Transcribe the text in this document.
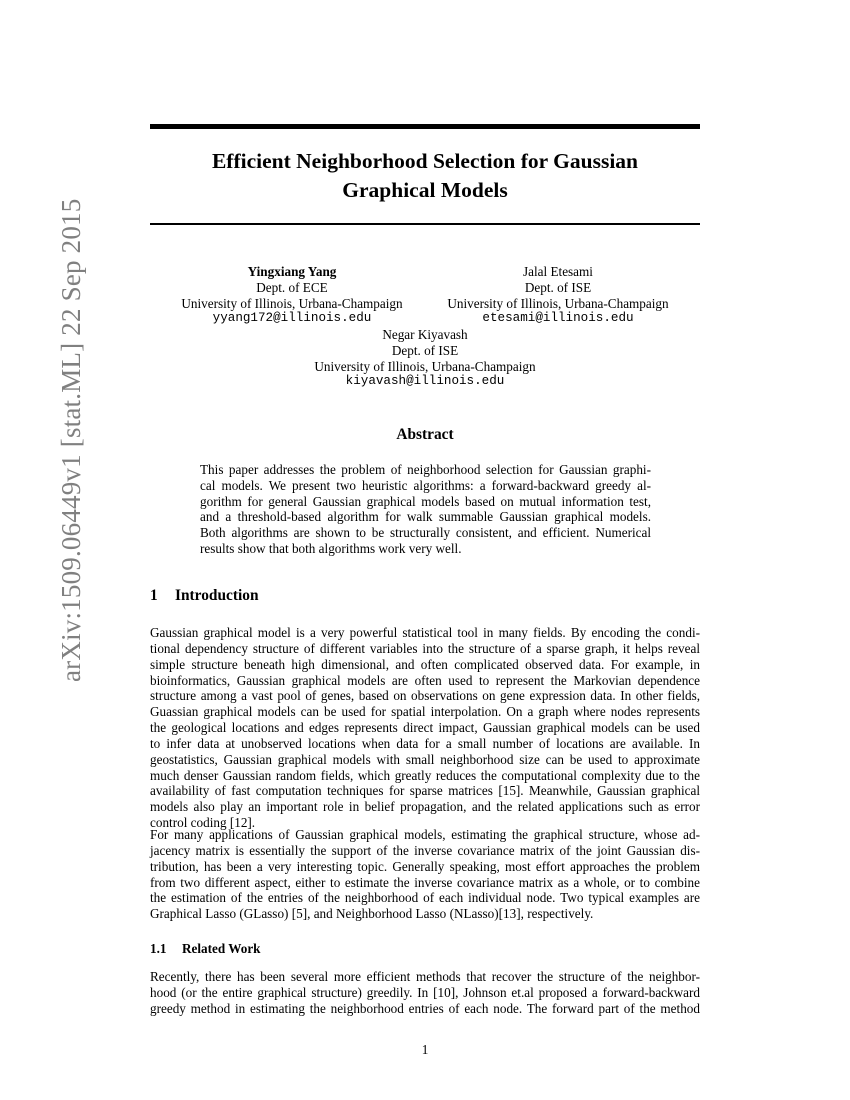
arXiv:1509.06449v1 [stat.ML] 22 Sep 2015
Efficient Neighborhood Selection for Gaussian
Graphical Models
Yingxiang Yang
Dept. of ECE
University of Illinois, Urbana-Champaign
yyang172@illinois.edu
Jalal Etesami
Dept. of ISE
University of Illinois, Urbana-Champaign
etesami@illinois.edu
Negar Kiyavash
Dept. of ISE
University of Illinois, Urbana-Champaign
kiyavash@illinois.edu
Abstract
This paper addresses the problem of neighborhood selection for Gaussian graphi-
cal models. We present two heuristic algorithms: a forward-backward greedy al-
gorithm for general Gaussian graphical models based on mutual information test,
and a threshold-based algorithm for walk summable Gaussian graphical models.
Both algorithms are shown to be structurally consistent, and efficient. Numerical
results show that both algorithms work very well.
1 Introduction
Gaussian graphical model is a very powerful statistical tool in many fields. By encoding the condi-
tional dependency structure of different variables into the structure of a sparse graph, it helps reveal
simple structure beneath high dimensional, and often complicated observed data. For example, in
bioinformatics, Gaussian graphical models are often used to represent the Markovian dependence
structure among a vast pool of genes, based on observations on gene expression data. In other fields,
Guassian graphical models can be used for spatial interpolation. On a graph where nodes represents
the geological locations and edges represents direct impact, Gaussian graphical models can be used
to infer data at unobserved locations when data for a small number of locations are available. In
geostatistics, Gaussian graphical models with small neighborhood size can be used to approximate
much denser Gaussian random fields, which greatly reduces the computational complexity due to the
availability of fast computation techniques for sparse matrices [15]. Meanwhile, Gaussian graphical
models also play an important role in belief propagation, and the related applications such as error
control coding [12].
For many applications of Gaussian graphical models, estimating the graphical structure, whose ad-
jacency matrix is essentially the support of the inverse covariance matrix of the joint Gaussian dis-
tribution, has been a very interesting topic. Generally speaking, most effort approaches the problem
from two different aspect, either to estimate the inverse covariance matrix as a whole, or to combine
the estimation of the entries of the neighborhood of each individual node. Two typical examples are
Graphical Lasso (GLasso) [5], and Neighborhood Lasso (NLasso)[13], respectively.
1.1 Related Work
Recently, there has been several more efficient methods that recover the structure of the neighbor-
hood (or the entire graphical structure) greedily. In [10], Johnson et.al proposed a forward-backward
greedy method in estimating the neighborhood entries of each node. The forward part of the method
1
